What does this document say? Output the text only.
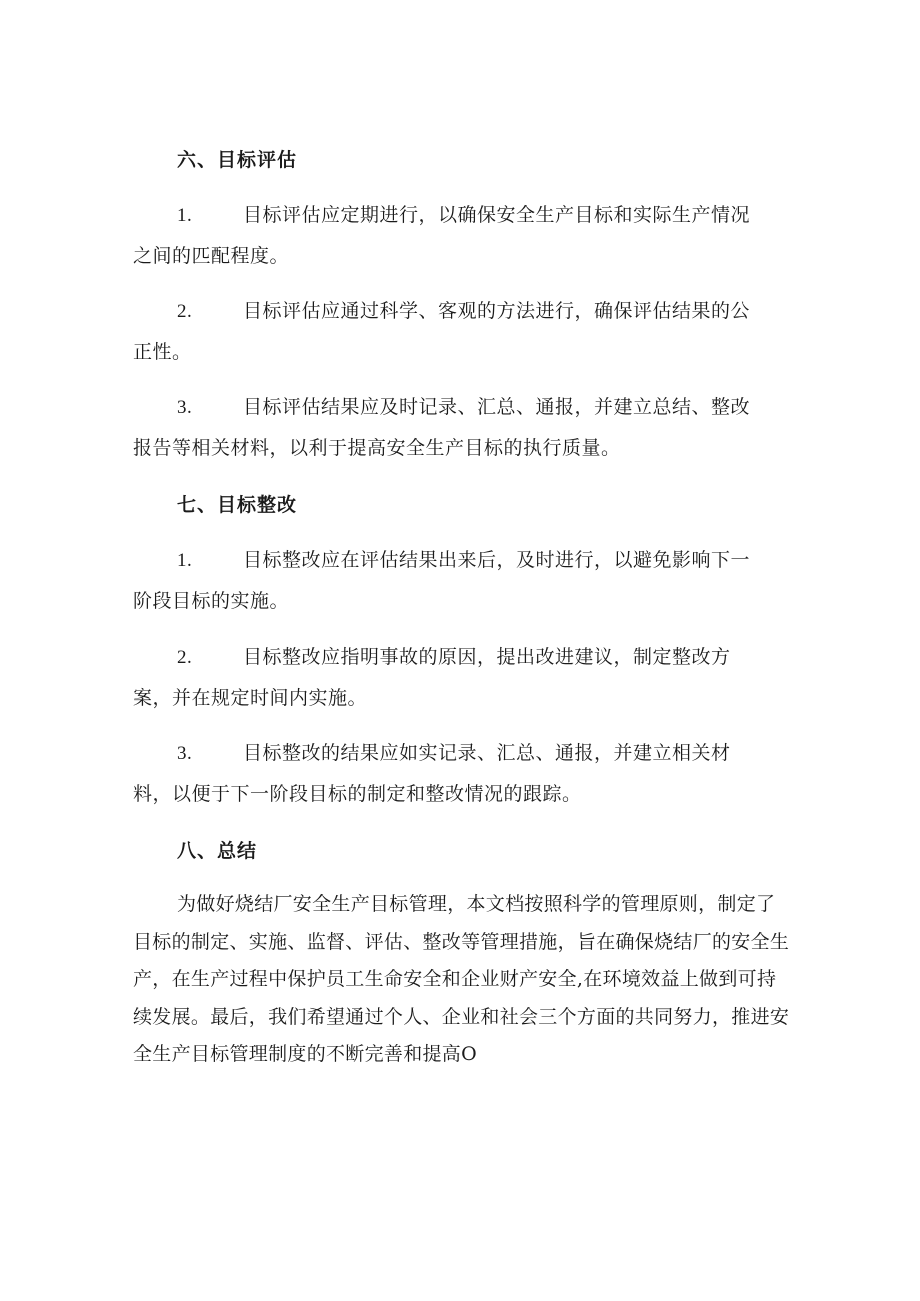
六、目标评估
1.	目标评估应定期进行，以确保安全生产目标和实际生产情况之间的匹配程度。
2.	目标评估应通过科学、客观的方法进行，确保评估结果的公正性。
3.	目标评估结果应及时记录、汇总、通报，并建立总结、整改报告等相关材料，以利于提高安全生产目标的执行质量。
七、目标整改
1.	目标整改应在评估结果出来后，及时进行，以避免影响下一阶段目标的实施。
2.	目标整改应指明事故的原因，提出改进建议，制定整改方案，并在规定时间内实施。
3.	目标整改的结果应如实记录、汇总、通报，并建立相关材料，以便于下一阶段目标的制定和整改情况的跟踪。
八、总结
为做好烧结厂安全生产目标管理，本文档按照科学的管理原则，制定了目标的制定、实施、监督、评估、整改等管理措施，旨在确保烧结厂的安全生产，在生产过程中保护员工生命安全和企业财产安全,在环境效益上做到可持续发展。最后，我们希望通过个人、企业和社会三个方面的共同努力，推进安全生产目标管理制度的不断完善和提高O
